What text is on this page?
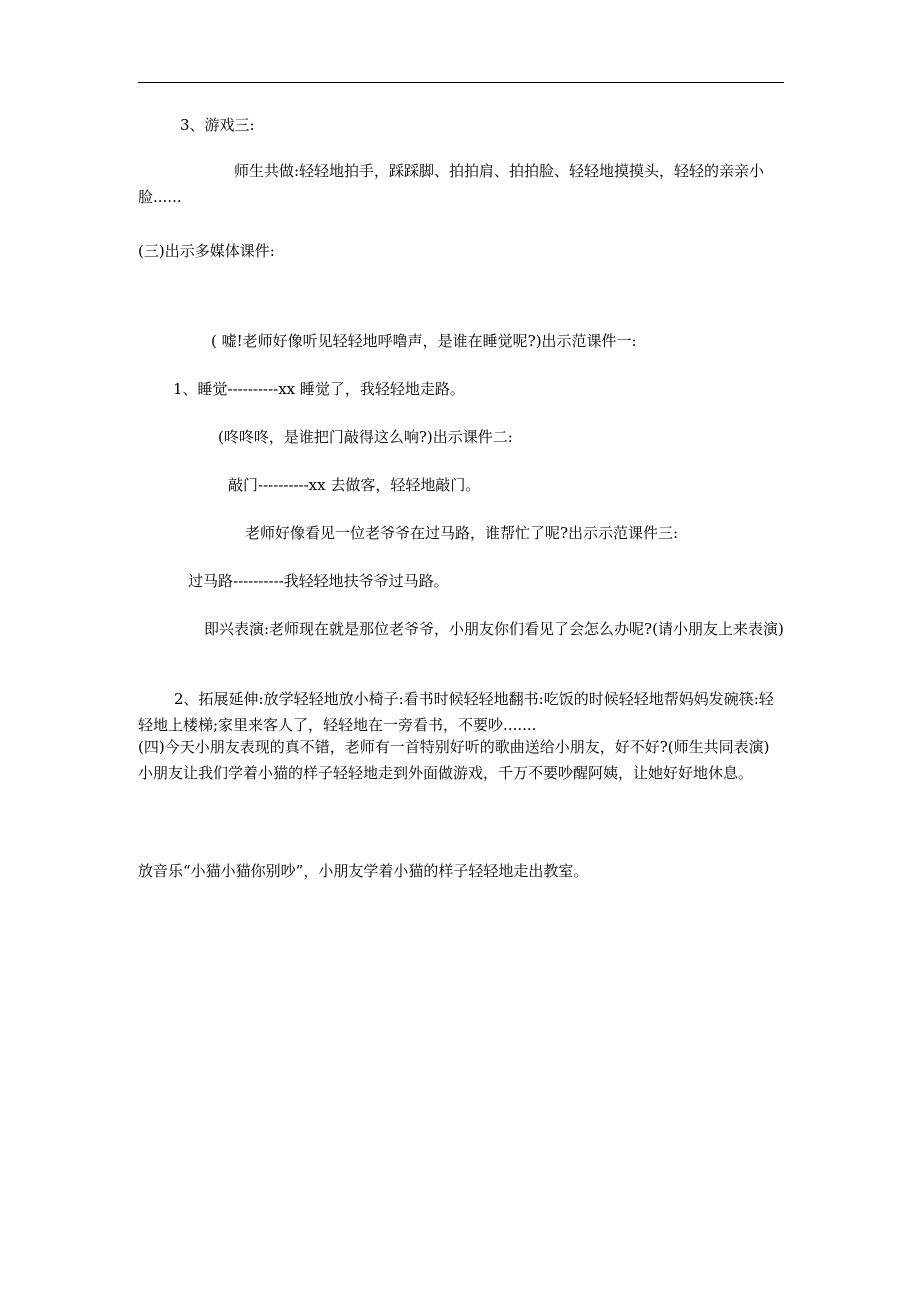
3、游戏三:

师生共做:轻轻地拍手，踩踩脚、拍拍肩、拍拍脸、轻轻地摸摸头，轻轻的亲亲小脸......

(三)出示多媒体课件:

( 嘘!老师好像听见轻轻地呼噜声，是谁在睡觉呢?)出示范课件一:

1、睡觉----------xx 睡觉了，我轻轻地走路。

(咚咚咚，是谁把门敲得这么响?)出示课件二:

敲门----------xx 去做客，轻轻地敲门。

老师好像看见一位老爷爷在过马路，谁帮忙了呢?出示示范课件三:

过马路----------我轻轻地扶爷爷过马路。

即兴表演:老师现在就是那位老爷爷，小朋友你们看见了会怎么办呢?(请小朋友上来表演)

2、拓展延伸:放学轻轻地放小椅子:看书时候轻轻地翻书:吃饭的时候轻轻地帮妈妈发碗筷:轻轻地上楼梯;家里来客人了，轻轻地在一旁看书，不要吵.......

(四)今天小朋友表现的真不错，老师有一首特别好听的歌曲送给小朋友，好不好?(师生共同表演)小朋友让我们学着小猫的样子轻轻地走到外面做游戏，千万不要吵醒阿姨，让她好好地休息。

放音乐“小猫小猫你别吵”，小朋友学着小猫的样子轻轻地走出教室。
